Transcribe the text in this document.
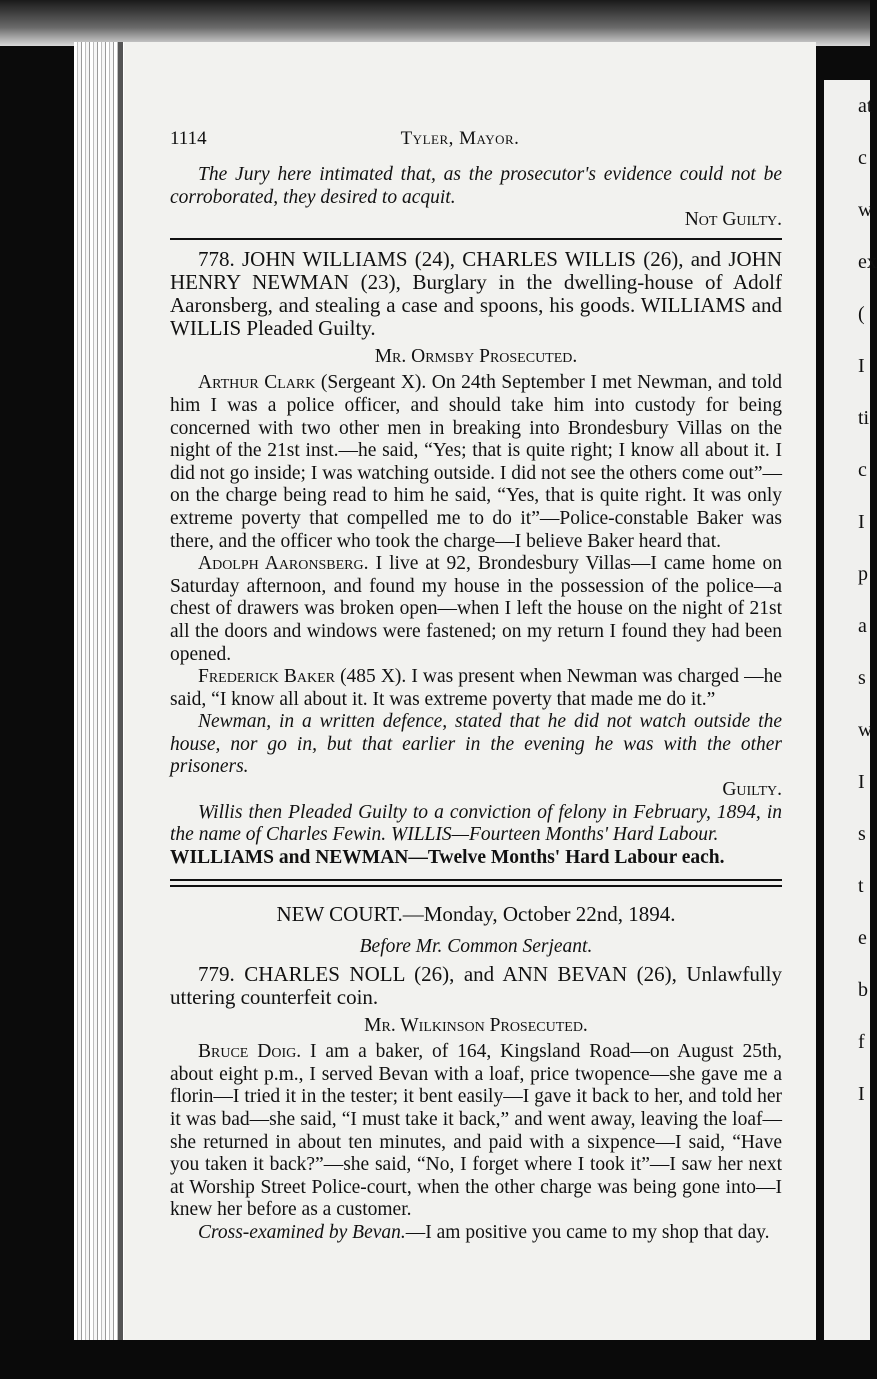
at
c
w
ex
(
I
ti
c
I
p
a
s
w
I
s
t
e
b
f
I
1114	Tyler, Mayor.

The Jury here intimated that, as the prosecutor's evidence could not be corroborated, they desired to acquit.

Not Guilty.

778. JOHN WILLIAMS (24), CHARLES WILLIS (26), and JOHN HENRY NEWMAN (23), Burglary in the dwelling-house of Adolf Aaronsberg, and stealing a case and spoons, his goods. WILLIAMS and WILLIS Pleaded Guilty.

Mr. Ormsby Prosecuted.

Arthur Clark (Sergeant X). On 24th September I met Newman, and told him I was a police officer, and should take him into custody for being concerned with two other men in breaking into Brondesbury Villas on the night of the 21st inst.—he said, “Yes; that is quite right; I know all about it. I did not go inside; I was watching outside. I did not see the others come out”—on the charge being read to him he said, “Yes, that is quite right. It was only extreme poverty that compelled me to do it”—Police-constable Baker was there, and the officer who took the charge—I believe Baker heard that.

Adolph Aaronsberg. I live at 92, Brondesbury Villas—I came home on Saturday afternoon, and found my house in the possession of the police—a chest of drawers was broken open—when I left the house on the night of 21st all the doors and windows were fastened; on my return I found they had been opened.

Frederick Baker (485 X). I was present when Newman was charged —he said, “I know all about it. It was extreme poverty that made me do it.”

Newman, in a written defence, stated that he did not watch outside the house, nor go in, but that earlier in the evening he was with the other prisoners.

Guilty.

Willis then Pleaded Guilty to a conviction of felony in February, 1894, in the name of Charles Fewin. WILLIS—Fourteen Months' Hard Labour.

WILLIAMS and NEWMAN—Twelve Months' Hard Labour each.

NEW COURT.—Monday, October 22nd, 1894.

Before Mr. Common Serjeant.

779. CHARLES NOLL (26), and ANN BEVAN (26), Unlawfully uttering counterfeit coin.

Mr. Wilkinson Prosecuted.

Bruce Doig. I am a baker, of 164, Kingsland Road—on August 25th, about eight p.m., I served Bevan with a loaf, price twopence—she gave me a florin—I tried it in the tester; it bent easily—I gave it back to her, and told her it was bad—she said, “I must take it back,” and went away, leaving the loaf—she returned in about ten minutes, and paid with a sixpence—I said, “Have you taken it back?”—she said, “No, I forget where I took it”—I saw her next at Worship Street Police-court, when the other charge was being gone into—I knew her before as a customer.

Cross-examined by Bevan.—I am positive you came to my shop that day.
